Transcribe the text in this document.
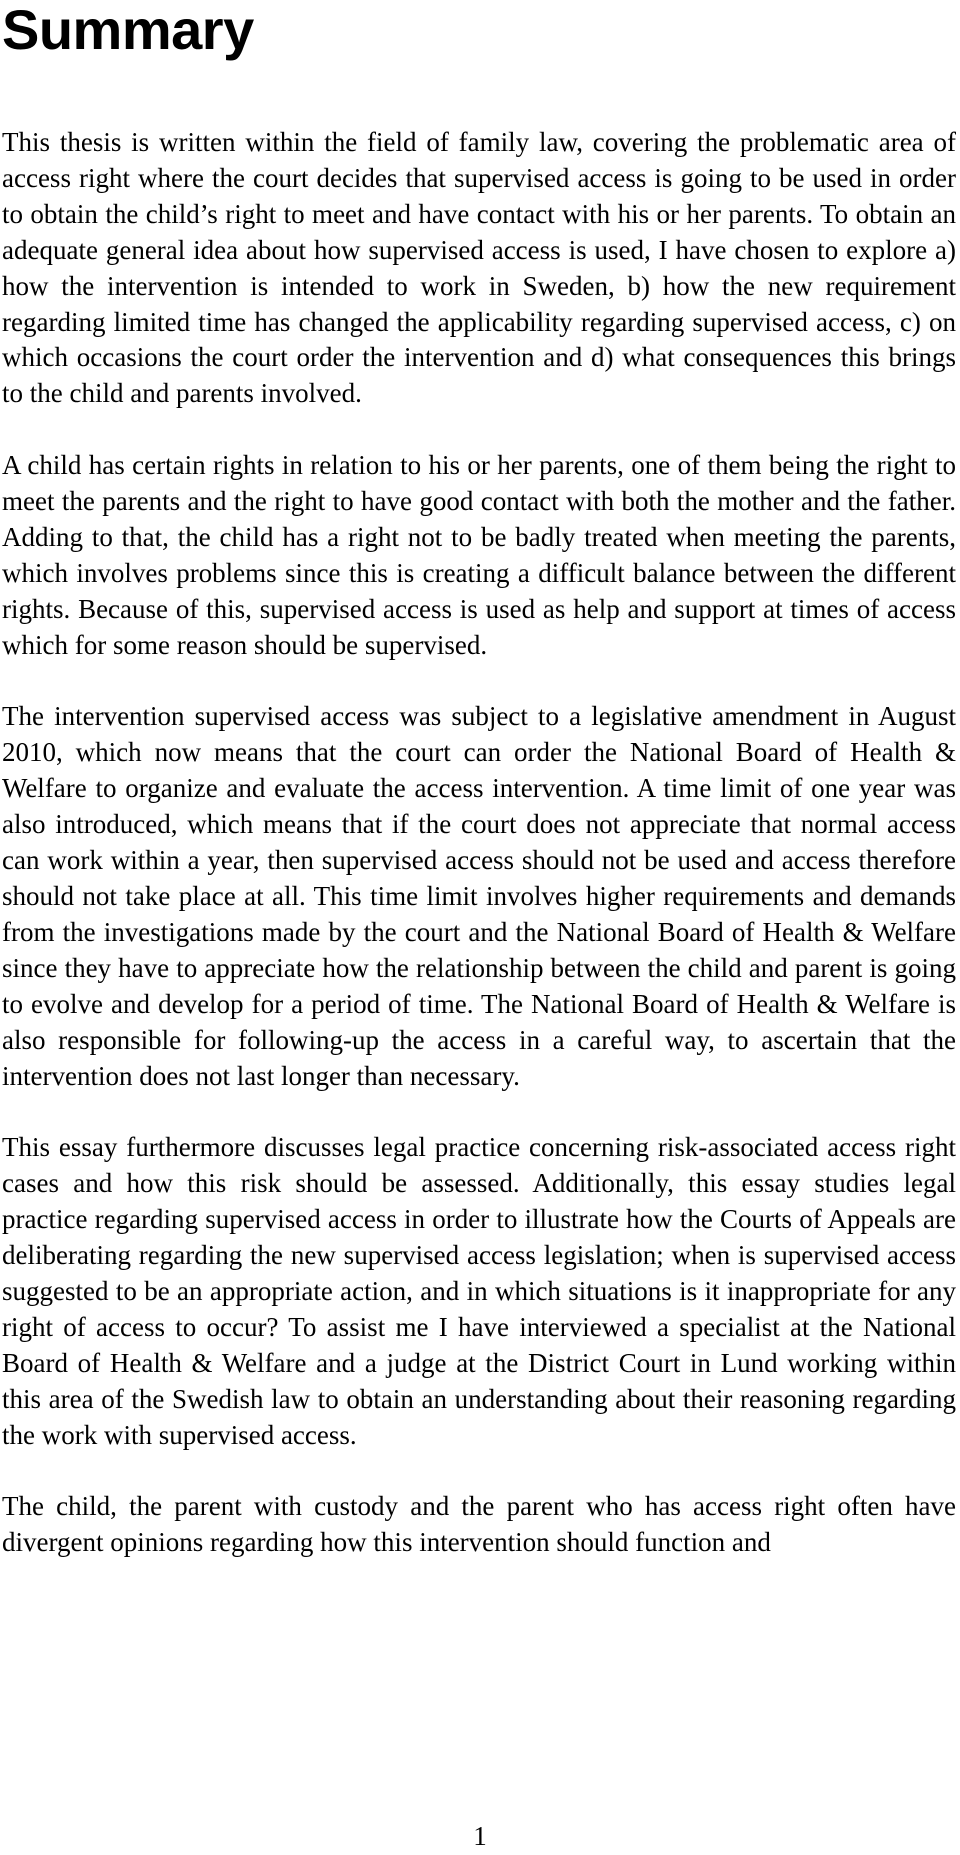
Summary

This thesis is written within the field of family law, covering the problematic area of access right where the court decides that supervised access is going to be used in order to obtain the child’s right to meet and have contact with his or her parents. To obtain an adequate general idea about how supervised access is used, I have chosen to explore a) how the intervention is intended to work in Sweden, b) how the new requirement regarding limited time has changed the applicability regarding supervised access, c) on which occasions the court order the intervention and d) what consequences this brings to the child and parents involved.

A child has certain rights in relation to his or her parents, one of them being the right to meet the parents and the right to have good contact with both the mother and the father. Adding to that, the child has a right not to be badly treated when meeting the parents, which involves problems since this is creating a difficult balance between the different rights. Because of this, supervised access is used as help and support at times of access which for some reason should be supervised.

The intervention supervised access was subject to a legislative amendment in August 2010, which now means that the court can order the National Board of Health & Welfare to organize and evaluate the access intervention. A time limit of one year was also introduced, which means that if the court does not appreciate that normal access can work within a year, then supervised access should not be used and access therefore should not take place at all. This time limit involves higher requirements and demands from the investigations made by the court and the National Board of Health & Welfare since they have to appreciate how the relationship between the child and parent is going to evolve and develop for a period of time. The National Board of Health & Welfare is also responsible for following-up the access in a careful way, to ascertain that the intervention does not last longer than necessary.

This essay furthermore discusses legal practice concerning risk-associated access right cases and how this risk should be assessed. Additionally, this essay studies legal practice regarding supervised access in order to illustrate how the Courts of Appeals are deliberating regarding the new supervised access legislation; when is supervised access suggested to be an appropriate action, and in which situations is it inappropriate for any right of access to occur? To assist me I have interviewed a specialist at the National Board of Health & Welfare and a judge at the District Court in Lund working within this area of the Swedish law to obtain an understanding about their reasoning regarding the work with supervised access.

The child, the parent with custody and the parent who has access right often have divergent opinions regarding how this intervention should function and

1
